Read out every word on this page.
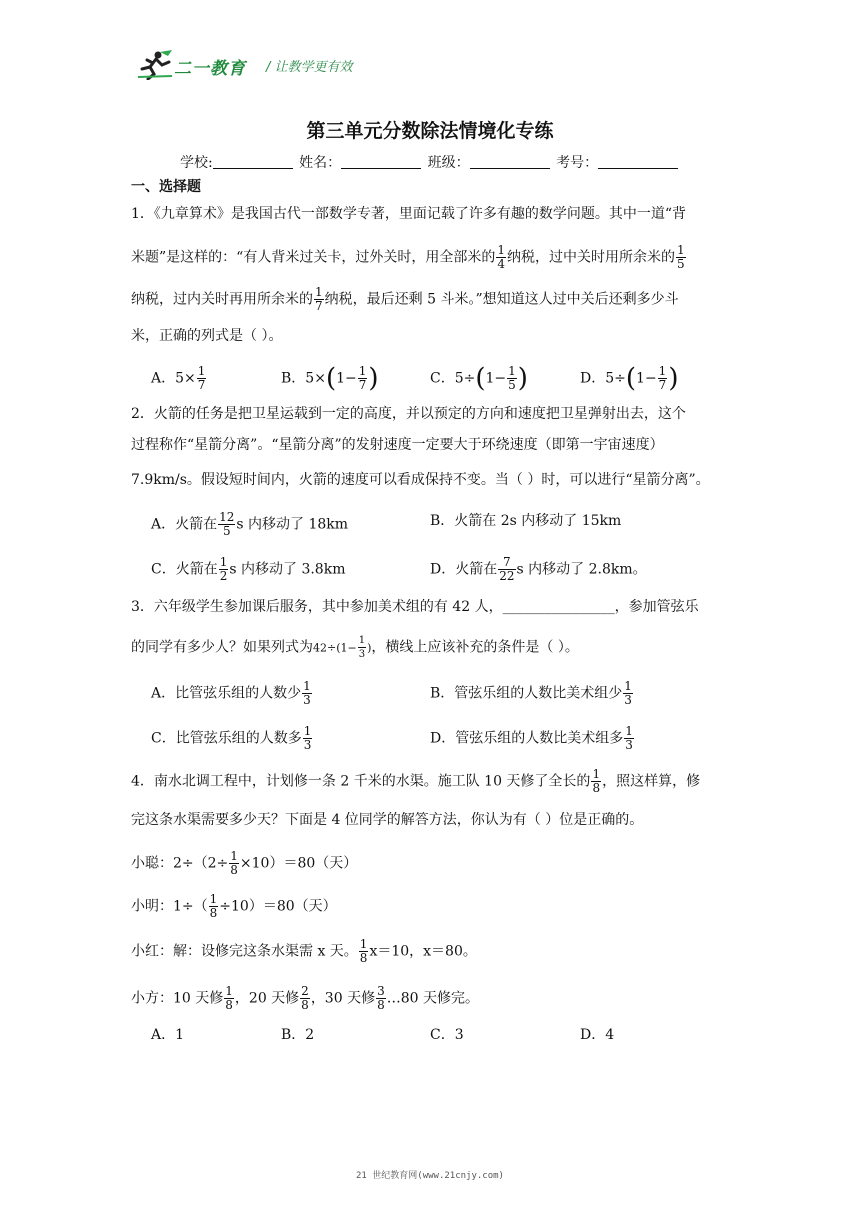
二一教育 / 让教学更有效
第三单元分数除法情境化专练
学校:	姓名：	班级：	考号：
一、选择题
1．《九章算术》是我国古代一部数学专著，里面记载了许多有趣的数学问题。其中一道“背
米题”是这样的：“有人背米过关卡，过外关时，用全部米的 $\frac{1}{4}$ 纳税，过中关时用所余米的 $\frac{1}{5}$
纳税，过内关时再用所余米的 $\frac{1}{7}$ 纳税，最后还剩 5 斗米。”想知道这人过中关后还剩多少斗
米，正确的列式是（ ）。
A．$5\times \frac{1}{7}$	B．$5\times(1- \frac{1}{7}$ )	C．$5\div(1- \frac{1}{5}$ )	D．$5\div(1- \frac{1}{7}$ )
2．火箭的任务是把卫星运载到一定的高度，并以预定的方向和速度把卫星弹射出去，这个
过程称作“星箭分离”。“星箭分离”的发射速度一定要大于环绕速度（即第一宇宙速度）
7.9km/s。假设短时间内，火箭的速度可以看成保持不变。当（ ）时，可以进行“星箭分离”。
A．火箭在 $\frac{12}{5}$ s 内移动了 18km	B．火箭在 2s 内移动了 15km
C．火箭在 $\frac{1}{2}$ s 内移动了 3.8km	D．火箭在 $\frac{7}{22}$ s 内移动了 2.8km。
3．六年级学生参加课后服务，其中参加美术组的有 42 人，________________，参加管弦乐
的同学有多少人？如果列式为$42\div(1- \frac{1}{3}$ )，横线上应该补充的条件是（ ）。
A．比管弦乐组的人数少 $\frac{1}{3}$	B．管弦乐组的人数比美术组少 $\frac{1}{3}$
C．比管弦乐组的人数多 $\frac{1}{3}$	D．管弦乐组的人数比美术组多 $\frac{1}{3}$
4．南水北调工程中，计划修一条 2 千米的水渠。施工队 10 天修了全长的 $\frac{1}{8}$ ，照这样算，修
完这条水渠需要多少天？下面是 4 位同学的解答方法，你认为有（ ）位是正确的。
小聪：$2\div(2\div \frac{1}{8} \times 10)=80$（天）
小明：$1\div( \frac{1}{8} \div 10)=80$（天）
小红：解：设修完这条水渠需 x 天。 $\frac{1}{8} x=10$，x＝80。
小方：10 天修 $\frac{1}{8}$ ，20 天修 $\frac{2}{8}$ ，30 天修 $\frac{3}{8}$ …80 天修完。
A．1	B．2	C．3	D．4
21 世纪教育网(www.21cnjy.com)
